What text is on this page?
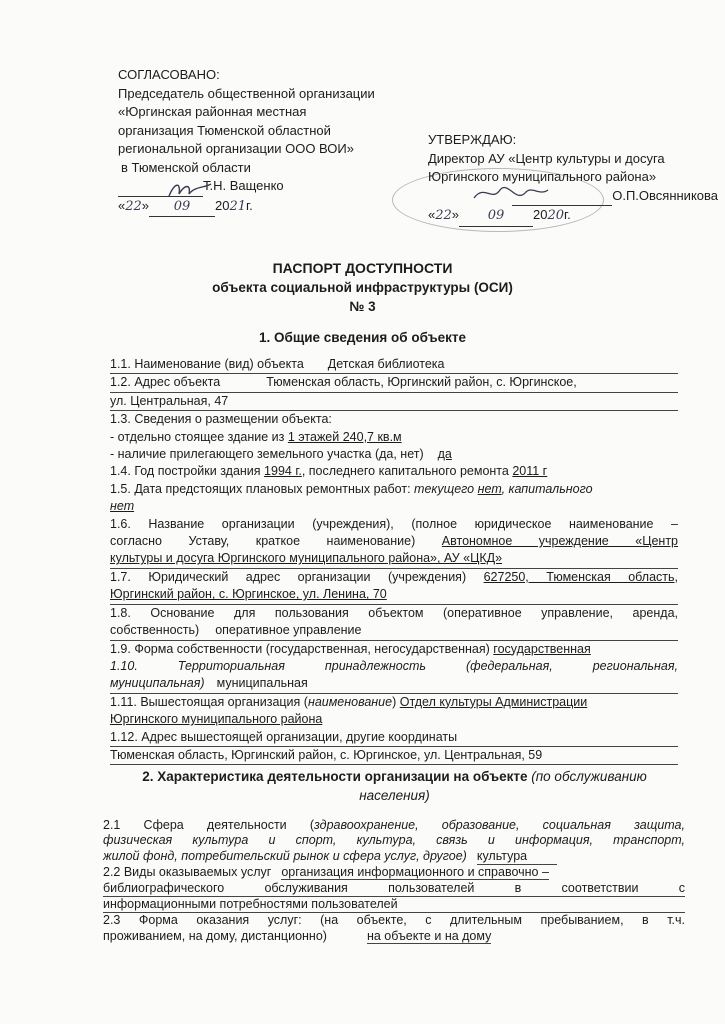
СОГЛАСОВАНО:
Председатель общественной организации
«Юргинская районная местная
организация Тюменской областной
региональной организации ООО ВОИ»
в Тюменской области
Т.Н. Ващенко
«22» 09 2021г.
УТВЕРЖДАЮ:
Директор АУ «Центр культуры и досуга
Юргинского муниципального района»
О.П.Овсянникова
«22» 09 2020г.
ПАСПОРТ ДОСТУПНОСТИ
объекта социальной инфраструктуры (ОСИ)
№ 3
1. Общие сведения об объекте
1.1. Наименование (вид) объекта Детская библиотека
1.2. Адрес объекта	Тюменская область, Юргинский район, с. Юргинское,
ул. Центральная, 47
1.3. Сведения о размещении объекта:
- отдельно стоящее здание из 1 этажей 240,7 кв.м
- наличие прилегающего земельного участка (да, нет) да
1.4. Год постройки здания 1994 г., последнего капитального ремонта 2011 г
1.5. Дата предстоящих плановых ремонтных работ: текущего нет, капитального
нет
1.6. Название организации (учреждения), (полное юридическое наименование –
согласно Уставу, краткое наименование) Автономное учреждение «Центр
культуры и досуга Юргинского муниципального района», АУ «ЦКД»
1.7. Юридический адрес организации (учреждения) 627250, Тюменская область,
Юргинский район, с. Юргинское, ул. Ленина, 70
1.8. Основание для пользования объектом (оперативное управление, аренда,
собственность) оперативное управление
1.9. Форма собственности (государственная, негосударственная) государственная
1.10. Территориальная принадлежность (федеральная, региональная,
муниципальная) муниципальная
1.11. Вышестоящая организация (наименование) Отдел культуры Администрации
Юргинского муниципального района
1.12. Адрес вышестоящей организации, другие координаты
Тюменская область, Юргинский район, с. Юргинское, ул. Центральная, 59
2. Характеристика деятельности организации на объекте (по обслуживанию
населения)
2.1 Сфера деятельности (здравоохранение, образование, социальная защита,
физическая культура и спорт, культура, связь и информация, транспорт,
жилой фонд, потребительский рынок и сфера услуг, другое) культура
2.2 Виды оказываемых услуг организация информационного и справочно –
библиографического обслуживания пользователей в соответствии с
информационными потребностями пользователей
2.3 Форма оказания услуг: (на объекте, с длительным пребыванием, в т.ч.
проживанием, на дому, дистанционно)	на объекте и на дому
